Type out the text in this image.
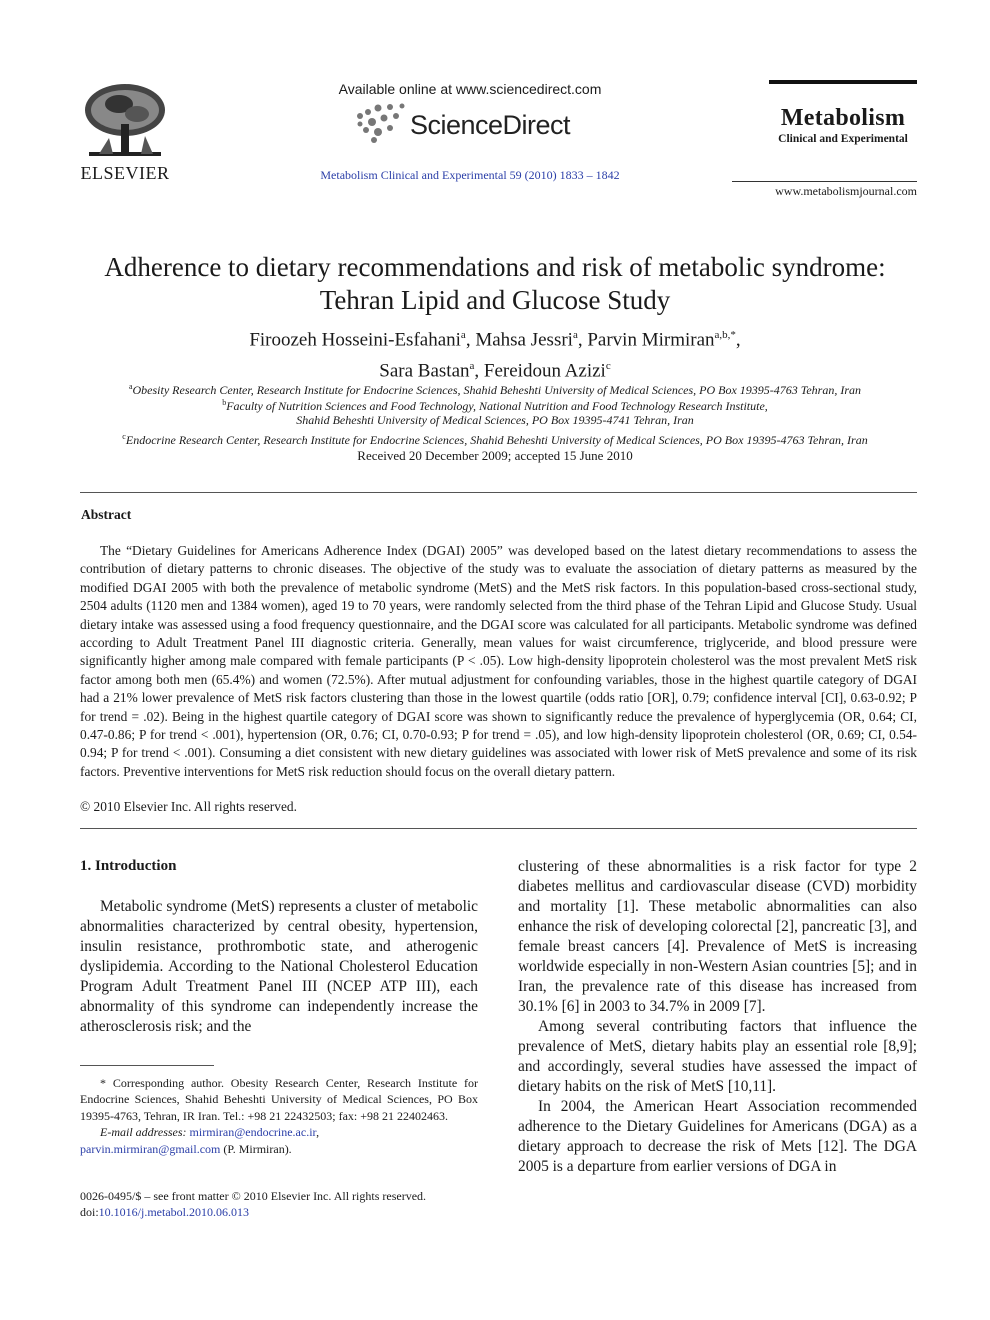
ELSEVIER
Available online at www.sciencedirect.com
ScienceDirect
Metabolism Clinical and Experimental 59 (2010) 1833 – 1842
Metabolism
Clinical and Experimental
www.metabolismjournal.com
Adherence to dietary recommendations and risk of metabolic syndrome:
Tehran Lipid and Glucose Study
Firoozeh Hosseini-Esfahani$^a$, Mahsa Jessri$^a$, Parvin Mirmiran$^{a,b,*}$,
Sara Bastan$^a$, Fereidoun Azizi$^c$
$^a$Obesity Research Center, Research Institute for Endocrine Sciences, Shahid Beheshti University of Medical Sciences, PO Box 19395-4763 Tehran, Iran
$^b$Faculty of Nutrition Sciences and Food Technology, National Nutrition and Food Technology Research Institute,
Shahid Beheshti University of Medical Sciences, PO Box 19395-4741 Tehran, Iran
$^c$Endocrine Research Center, Research Institute for Endocrine Sciences, Shahid Beheshti University of Medical Sciences, PO Box 19395-4763 Tehran, Iran
Received 20 December 2009; accepted 15 June 2010
Abstract
The “Dietary Guidelines for Americans Adherence Index (DGAI) 2005” was developed based on the latest dietary recommendations to assess the contribution of dietary patterns to chronic diseases. The objective of the study was to evaluate the association of dietary patterns as measured by the modified DGAI 2005 with both the prevalence of metabolic syndrome (MetS) and the MetS risk factors. In this population-based cross-sectional study, 2504 adults (1120 men and 1384 women), aged 19 to 70 years, were randomly selected from the third phase of the Tehran Lipid and Glucose Study. Usual dietary intake was assessed using a food frequency questionnaire, and the DGAI score was calculated for all participants. Metabolic syndrome was defined according to Adult Treatment Panel III diagnostic criteria. Generally, mean values for waist circumference, triglyceride, and blood pressure were significantly higher among male compared with female participants (P < .05). Low high-density lipoprotein cholesterol was the most prevalent MetS risk factor among both men (65.4%) and women (72.5%). After mutual adjustment for confounding variables, those in the highest quartile category of DGAI had a 21% lower prevalence of MetS risk factors clustering than those in the lowest quartile (odds ratio [OR], 0.79; confidence interval [CI], 0.63-0.92; P for trend = .02). Being in the highest quartile category of DGAI score was shown to significantly reduce the prevalence of hyperglycemia (OR, 0.64; CI, 0.47-0.86; P for trend < .001), hypertension (OR, 0.76; CI, 0.70-0.93; P for trend = .05), and low high-density lipoprotein cholesterol (OR, 0.69; CI, 0.54-0.94; P for trend < .001). Consuming a diet consistent with new dietary guidelines was associated with lower risk of MetS prevalence and some of its risk factors. Preventive interventions for MetS risk reduction should focus on the overall dietary pattern.
© 2010 Elsevier Inc. All rights reserved.
1. Introduction
Metabolic syndrome (MetS) represents a cluster of metabolic abnormalities characterized by central obesity, hypertension, insulin resistance, prothrombotic state, and atherogenic dyslipidemia. According to the National Cholesterol Education Program Adult Treatment Panel III (NCEP ATP III), each abnormality of this syndrome can independently increase the atherosclerosis risk; and the

clustering of these abnormalities is a risk factor for type 2 diabetes mellitus and cardiovascular disease (CVD) morbidity and mortality [1]. These metabolic abnormalities can also enhance the risk of developing colorectal [2], pancreatic [3], and female breast cancers [4]. Prevalence of MetS is increasing worldwide especially in non-Western Asian countries [5]; and in Iran, the prevalence rate of this disease has increased from 30.1% [6] in 2003 to 34.7% in 2009 [7].

Among several contributing factors that influence the prevalence of MetS, dietary habits play an essential role [8,9]; and accordingly, several studies have assessed the impact of dietary habits on the risk of MetS [10,11].

In 2004, the American Heart Association recommended adherence to the Dietary Guidelines for Americans (DGA) as a dietary approach to decrease the risk of Mets [12]. The DGA 2005 is a departure from earlier versions of DGA in

* Corresponding author. Obesity Research Center, Research Institute for Endocrine Sciences, Shahid Beheshti University of Medical Sciences, PO Box 19395-4763, Tehran, IR Iran. Tel.: +98 21 22432503; fax: +98 21 22402463.

E-mail addresses: mirmiran@endocrine.ac.ir,

parvin.mirmiran@gmail.com (P. Mirmiran).

0026-0495/$ – see front matter © 2010 Elsevier Inc. All rights reserved.

doi:10.1016/j.metabol.2010.06.013
